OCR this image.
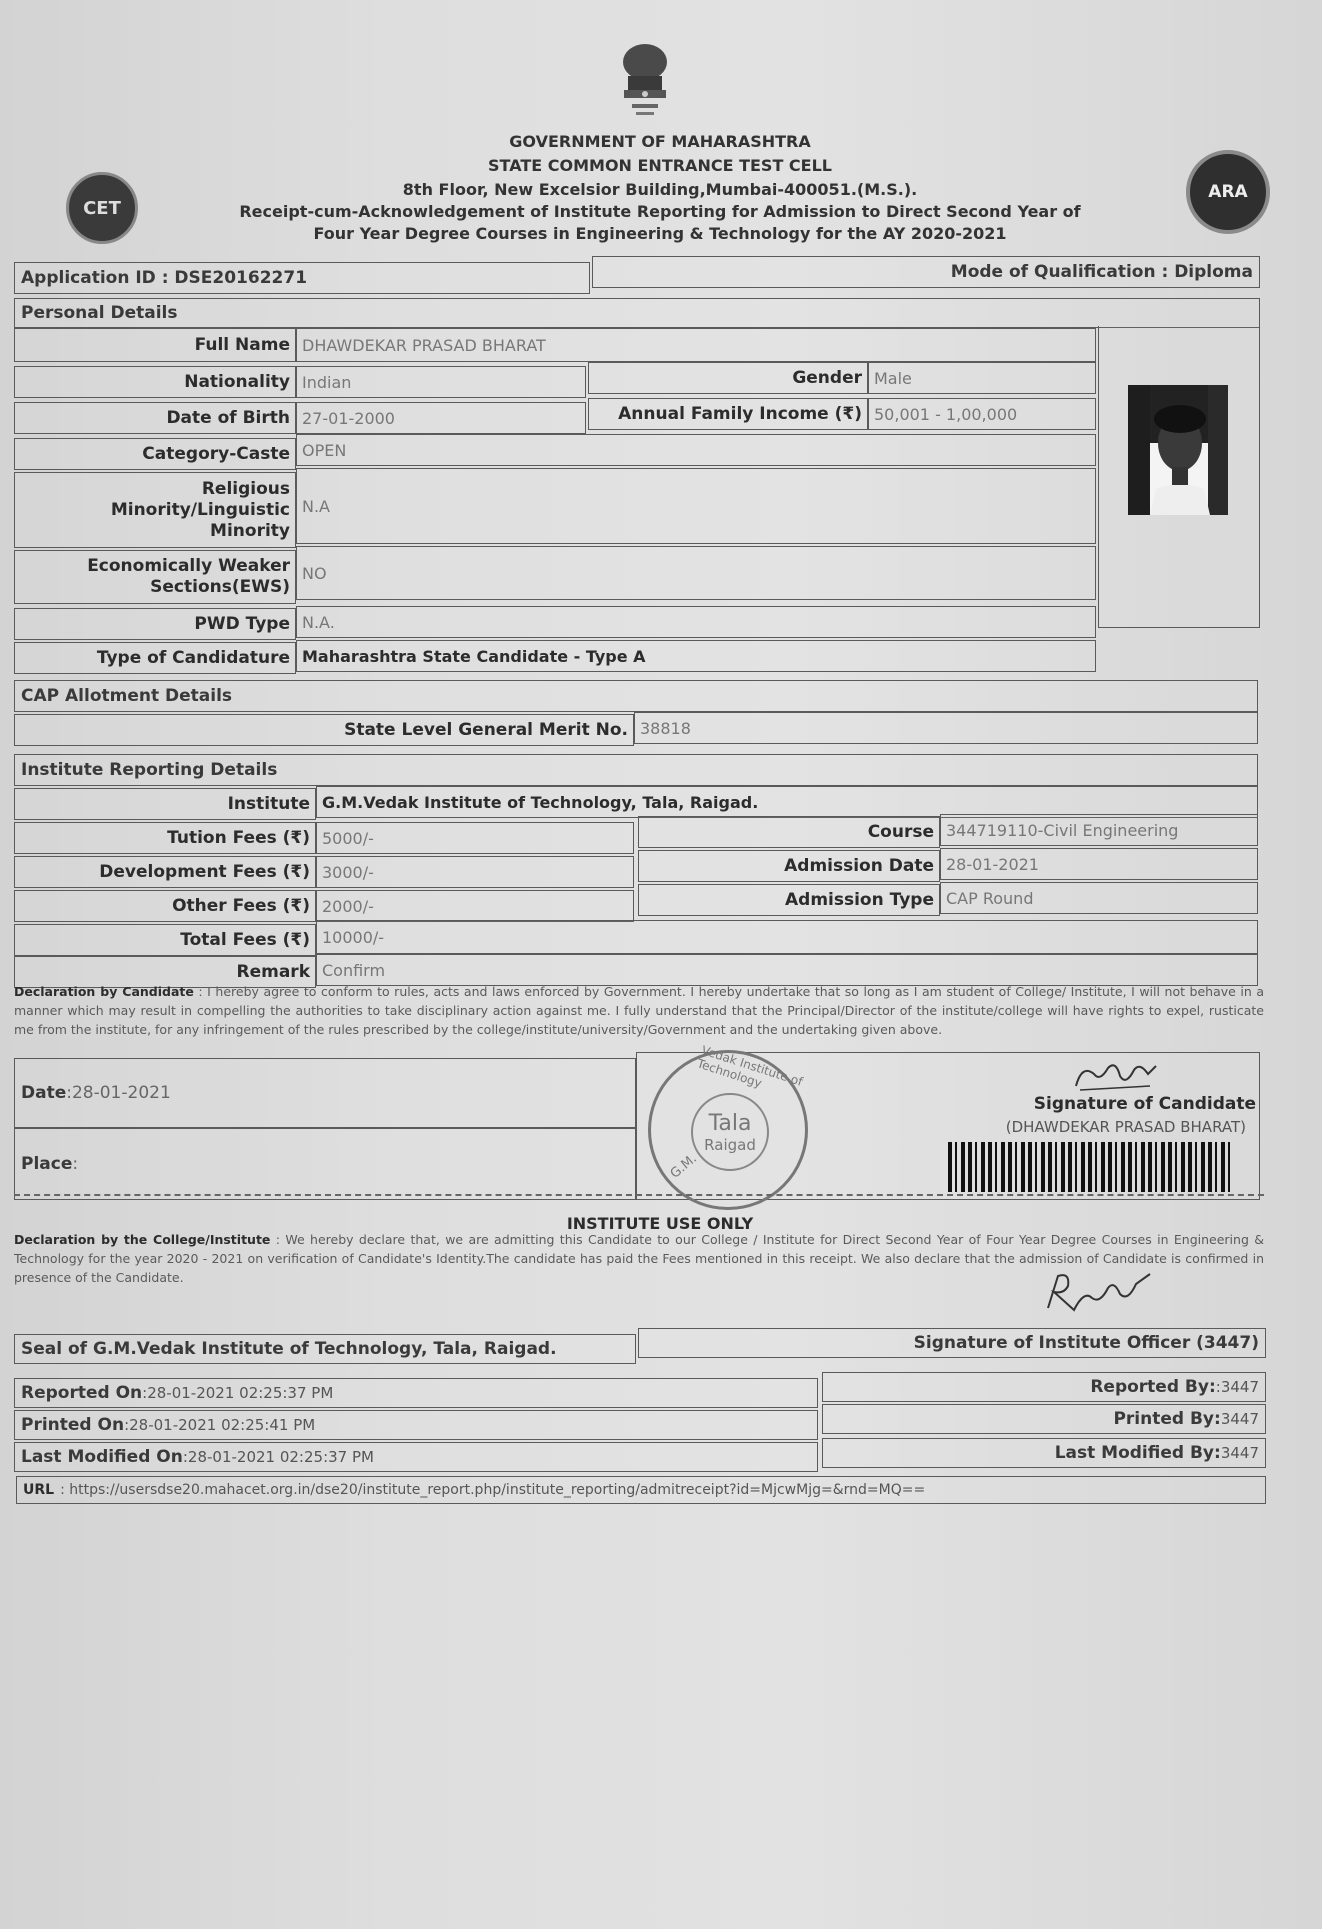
CET
ARA
GOVERNMENT OF MAHARASHTRA
STATE COMMON ENTRANCE TEST CELL
8th Floor, New Excelsior Building,Mumbai-400051.(M.S.).
Receipt-cum-Acknowledgement of Institute Reporting for Admission to Direct Second Year of
Four Year Degree Courses in Engineering & Technology for the AY 2020-2021
Application ID : DSE20162271	Mode of Qualification : Diploma
Personal Details
Full Name DHAWDEKAR PRASAD BHARAT
Nationality Indian	Gender Male
Date of Birth 27-01-2000	Annual Family Income (₹) 50,001 - 1,00,000
Category-Caste OPEN
Religious
Minority/Linguistic
Minority
N.A
Economically Weaker
Sections(EWS)
NO
PWD Type N.A.
Type of Candidature Maharashtra State Candidate - Type A
CAP Allotment Details
State Level General Merit No. 38818
Institute Reporting Details
Institute G.M.Vedak Institute of Technology, Tala, Raigad.
Tution Fees (₹) 5000/-	Course 344719110-Civil Engineering
Development Fees (₹) 3000/-	Admission Date 28-01-2021
Other Fees (₹) 2000/-	Admission Type CAP Round
Total Fees (₹) 10000/-
Remark Confirm
Declaration by Candidate : I hereby agree to conform to rules, acts and laws enforced by Government. I hereby undertake that so long as I am student of College/ Institute, I will not behave in a manner which may result in compelling the authorities to take disciplinary action against me. I fully understand that the Principal/Director of the institute/college will have rights to expel, rusticate me from the institute, for any infringement of the rules prescribed by the college/institute/university/Government and the undertaking given above.
Date :28-01-2021
Place :
Vedak Institute of Technology
G.M.
Tala
Raigad
Signature of Candidate
(DHAWDEKAR PRASAD BHARAT)
INSTITUTE USE ONLY
Declaration by the College/Institute : We hereby declare that, we are admitting this Candidate to our College / Institute for Direct Second Year of Four Year Degree Courses in Engineering & Technology for the year 2020 - 2021 on verification of Candidate's Identity.The candidate has paid the Fees mentioned in this receipt. We also declare that the admission of Candidate is confirmed in presence of the Candidate.
Seal of G.M.Vedak Institute of Technology, Tala, Raigad.	Signature of Institute Officer (3447)
Reported On :28-01-2021 02:25:37 PM	Reported By: :3447
Printed On :28-01-2021 02:25:41 PM	Printed By: 3447
Last Modified On :28-01-2021 02:25:37 PM	Last Modified By: 3447
URL : https://usersdse20.mahacet.org.in/dse20/institute_report.php/institute_reporting/admitreceipt?id=MjcwMjg=&rnd=MQ==
